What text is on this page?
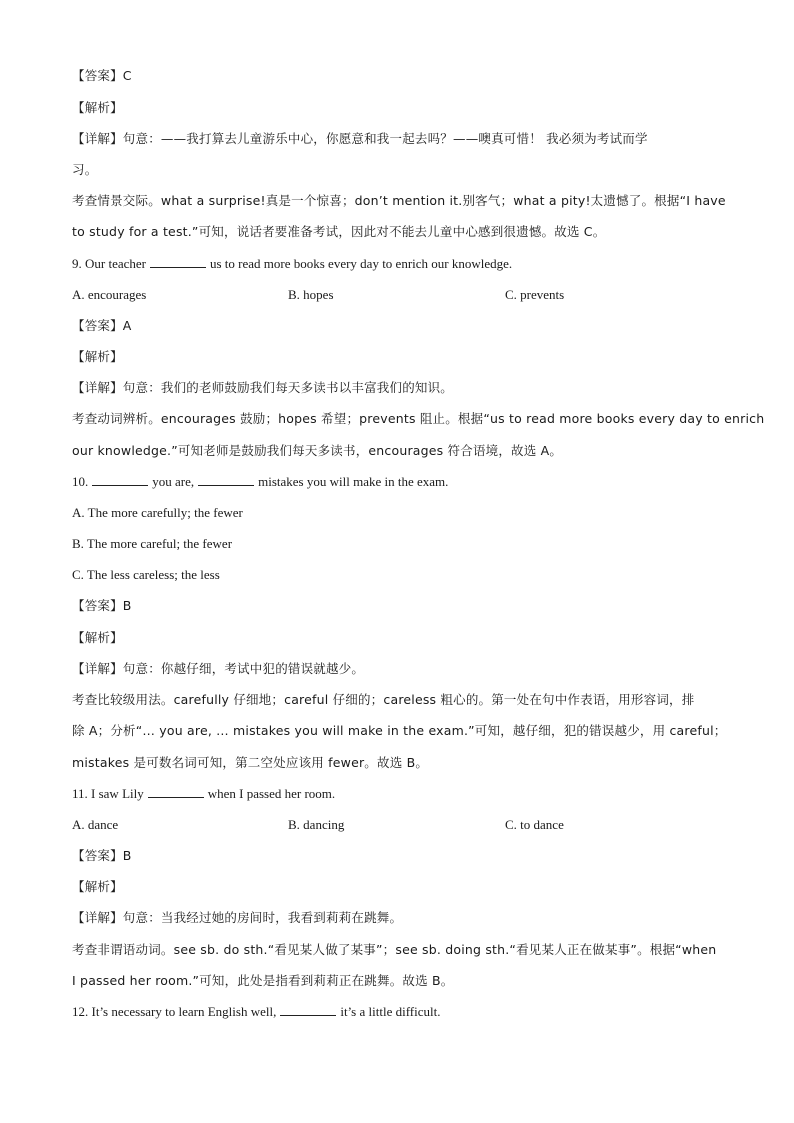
【答案】C
【解析】
【详解】句意：——我打算去儿童游乐中心，你愿意和我一起去吗？——噢真可惜！ 我必须为考试而学
习。
考查情景交际。what a surprise!真是一个惊喜；don’t mention it.别客气；what a pity!太遗憾了。根据“I have
to study for a test.”可知，说话者要准备考试，因此对不能去儿童中心感到很遗憾。故选 C。
9. Our teacher	us to read more books every day to enrich our knowledge.
A. encourages	B. hopes	C. prevents
【答案】A
【解析】
【详解】句意：我们的老师鼓励我们每天多读书以丰富我们的知识。
考查动词辨析。encourages 鼓励；hopes 希望；prevents 阻止。根据“us to read more books every day to enrich
our knowledge.”可知老师是鼓励我们每天多读书，encourages 符合语境，故选 A。
10.	you are,	mistakes you will make in the exam.
A. The more carefully; the fewer
B. The more careful; the fewer
C. The less careless; the less
【答案】B
【解析】
【详解】句意：你越仔细，考试中犯的错误就越少。
考查比较级用法。carefully 仔细地；careful 仔细的；careless 粗心的。第一处在句中作表语，用形容词，排
除 A；分析“… you are, … mistakes you will make in the exam.”可知，越仔细，犯的错误越少，用 careful；
mistakes 是可数名词可知，第二空处应该用 fewer。故选 B。
11. I saw Lily	when I passed her room.
A. dance	B. dancing	C. to dance
【答案】B
【解析】
【详解】句意：当我经过她的房间时，我看到莉莉在跳舞。
考查非谓语动词。see sb. do sth.“看见某人做了某事”；see sb. doing sth.“看见某人正在做某事”。根据“when
I passed her room.”可知，此处是指看到莉莉正在跳舞。故选 B。
12. It’s necessary to learn English well,	it’s a little difficult.
